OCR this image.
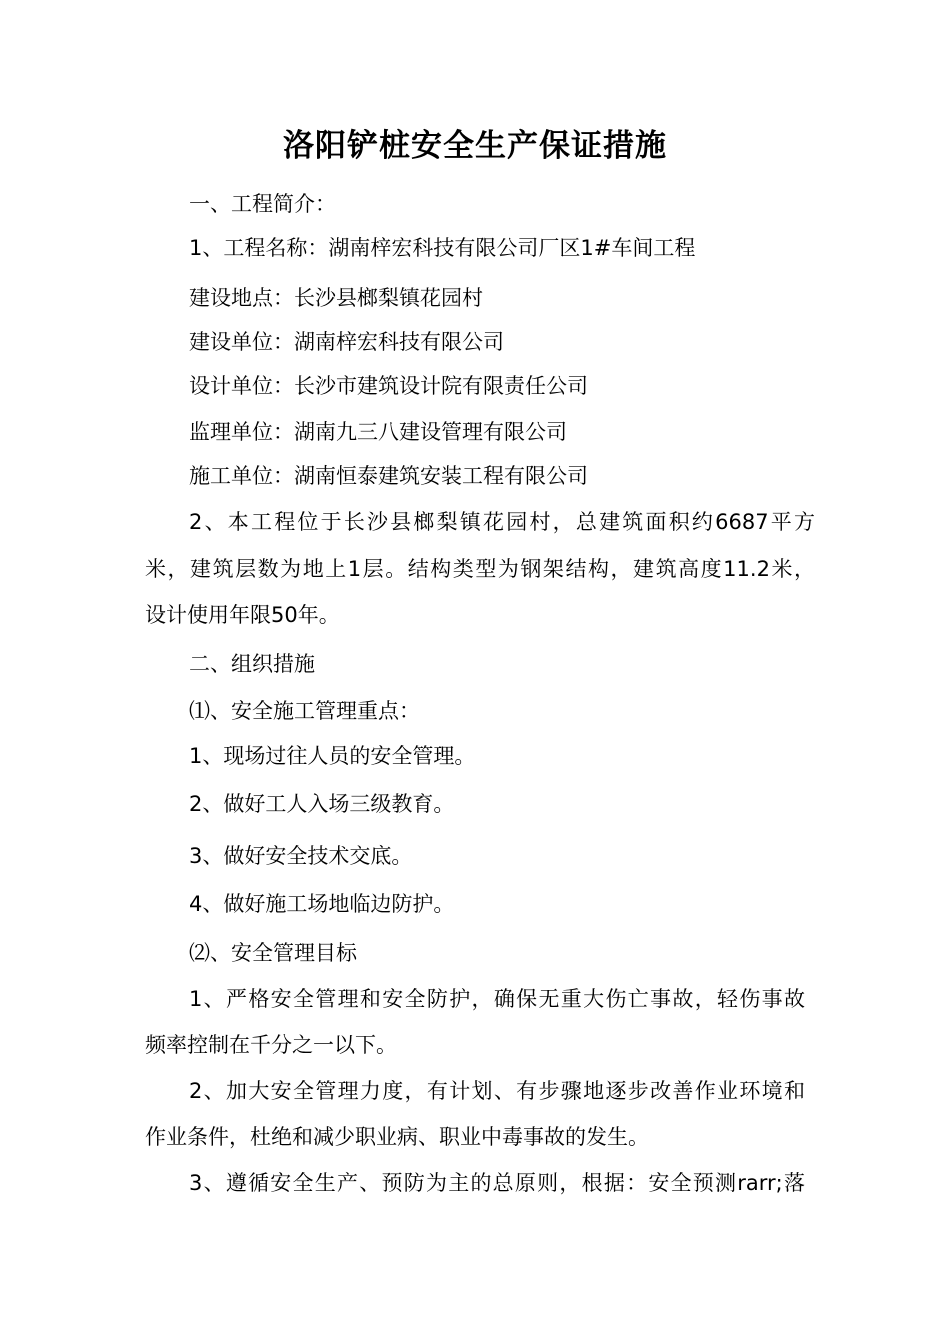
洛阳铲桩安全生产保证措施
一、工程简介：
1、工程名称：湖南梓宏科技有限公司厂区1#车间工程
建设地点：长沙县榔梨镇花园村
建设单位：湖南梓宏科技有限公司
设计单位：长沙市建筑设计院有限责任公司
监理单位：湖南九三八建设管理有限公司
施工单位：湖南恒泰建筑安装工程有限公司
2、本工程位于长沙县榔梨镇花园村，总建筑面积约6687平方
米，建筑层数为地上1层。结构类型为钢架结构，建筑高度11.2米，
设计使用年限50年。
二、组织措施
⑴、安全施工管理重点：
1、现场过往人员的安全管理。
2、做好工人入场三级教育。
3、做好安全技术交底。
4、做好施工场地临边防护。
⑵、安全管理目标
1、严格安全管理和安全防护，确保无重大伤亡事故，轻伤事故
频率控制在千分之一以下。
2、加大安全管理力度，有计划、有步骤地逐步改善作业环境和
作业条件，杜绝和减少职业病、职业中毒事故的发生。
3、遵循安全生产、预防为主的总原则，根据：安全预测rarr;落
